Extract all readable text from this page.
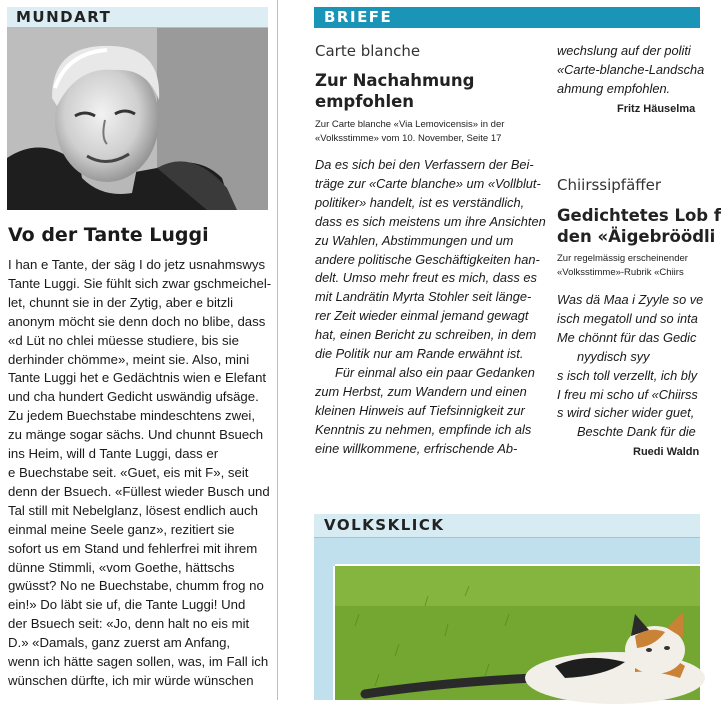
MUNDART
Vo der Tante Luggi
I han e Tante, der säg I do jetz usnahmswys
Tante Luggi. Sie fühlt sich zwar gschmeichel-
let, chunnt sie in der Zytig, aber e bitzli
anonym möcht sie denn doch no blibe, dass
«d Lüt no chlei müesse studiere, bis sie
derhinder chömme», meint sie. Also, mini
Tante Luggi het e Gedächtnis wien e Elefant
und cha hundert Gedicht uswändig ufsäge.
Zu jedem Buechstabe mindeschtens zwei,
zu mänge sogar sächs. Und chunnt Bsuech
ins Heim, will d Tante Luggi, dass er
e Buechstabe seit. «Guet, eis mit F», seit
denn der Bsuech. «Füllest wieder Busch und
Tal still mit Nebelglanz, lösest endlich auch
einmal meine Seele ganz», rezitiert sie
sofort us em Stand und fehlerfrei mit ihrem
dünne Stimmli, «vom Goethe, hättschs
gwüsst? No ne Buechstabe, chumm frog no
ein!» Do läbt sie uf, die Tante Luggi! Und
der Bsuech seit: «Jo, denn halt no eis mit
D.» «Damals, ganz zuerst am Anfang,
wenn ich hätte sagen sollen, was, im Fall ich
wünschen dürfte, ich mir würde wünschen
BRIEFE
Carte blanche
Zur Nachahmung
empfohlen
Zur Carte blanche «Via Lemovicensis» in der
«Volksstimme» vom 10. November, Seite 17
Da es sich bei den Verfassern der Bei-
träge zur «Carte blanche» um «Vollblut-
politiker» handelt, ist es verständlich,
dass es sich meistens um ihre Ansichten
zu Wahlen, Abstimmungen und um
andere politische Geschäftigkeiten han-
delt. Umso mehr freut es mich, dass es
mit Landrätin Myrta Stohler seit länge-
rer Zeit wieder einmal jemand gewagt
hat, einen Bericht zu schreiben, in dem
die Politik nur am Rande erwähnt ist.
Für einmal also ein paar Gedanken
zum Herbst, zum Wandern und einen
kleinen Hinweis auf Tiefsinnigkeit zur
Kenntnis zu nehmen, empfinde ich als
eine willkommene, erfrischende Ab-
wechslung auf der politi
«Carte-blanche-Landscha
ahmung empfohlen.
Fritz Häuselma
Chiirssipfäffer
Gedichtetes Lob f
den «Äigebröödli
Zur regelmässig erscheinender
«Volksstimme»-Rubrik «Chiirs
Was dä Maa i Zyyle so ve
isch megatoll und so inta
Me chönnt für das Gedic
nyydisch syy
s isch toll verzellt, ich bly
I freu mi scho uf «Chiirss
s wird sicher wider guet,
Beschte Dank für die
Ruedi Waldn
VOLKSKLICK
